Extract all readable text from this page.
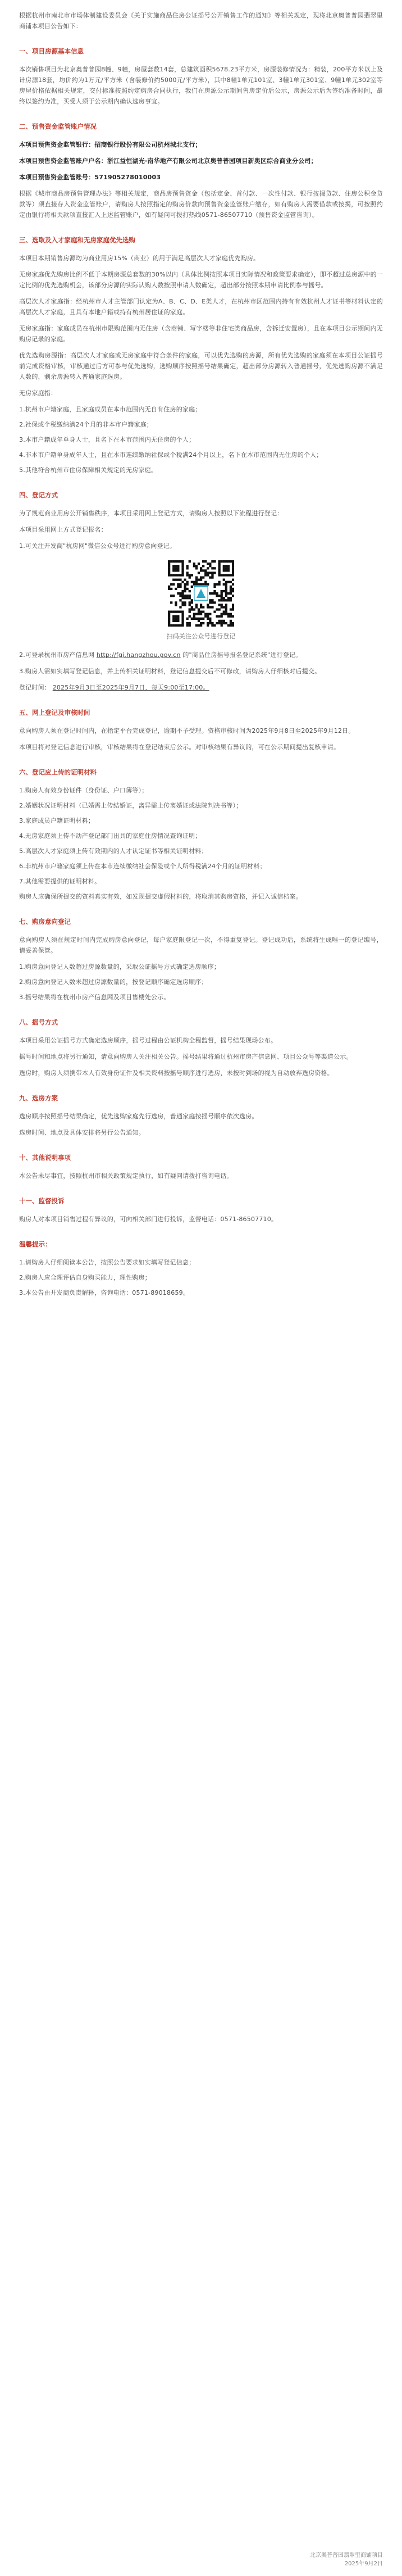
根据杭州市南北市市场体制建设委员会《关于实施商品住房公证摇号公开销售工作的通知》等相关规定，现将北京奥普普园翡翠里商铺本项目公告如下：

一、项目房源基本信息

本次销售项目为北京奥普普园8幢、9幢，房屋套数14套，总建筑面积5678.23平方米，房源装修情况为：精装，200平方米以上及计房源18套，均价约为1万元/平方米（含装修价约5000元/平方米），其中8幢1单元101室、3幢1单元301室、9幢1单元302室等房屋价格依据相关规定，交付标准按照约定购房合同执行，我们在房源公示期间售房定价后公示，房源公示后为签约准备时间，最终以签约为准，买受人须于公示期内确认选房事宜。

二、预售资金监管账户情况

本项目预售资金监管银行：招商银行股份有限公司杭州城北支行；

本项目预售资金监管账户户名：浙江益恒湖光·南华地产有限公司北京奥普普园项目新奥区综合商业分公司；

本项目预售资金监管账号：571905278010003

根据《城市商品房预售管理办法》等相关规定，商品房预售资金（包括定金、首付款、一次性付款、银行按揭贷款、住房公积金贷款等）须直接存入资金监管账户，请购房人按照指定的购房价款向预售资金监管账户缴存，如有购房人需要借款或按揭，可按照约定由银行将相关款项直接汇入上述监管账户，如有疑问可拨打热线0571-86507710（预售资金监管咨询）。

三、选取及入才家庭和无房家庭优先选购

本项目本期销售房源均为商业用房15%（商业）的用于满足高层次人才家庭优先购房。

无房家庭优先购房比例不低于本期房源总套数的30%以内（具体比例按照本项目实际情况和政策要求确定），即不超过总房源中的一定比例的优先选购机会，该部分房源的实际认购人数按照申请人数确定，超出部分按照本期申请比例参与摇号。

高层次人才家庭指：经杭州市人才主管部门认定为A、B、C、D、E类人才，在杭州市区范围内持有有效杭州人才证书等材料认定的高层次人才家庭，且具有本地户籍或持有杭州居住证的家庭。

无房家庭指：家庭成员在杭州市限购范围内无住房（含商铺、写字楼等非住宅类商品房，含拆迁安置房），且在本项目公示期间内无购房记录的家庭。

优先选购房源指：高层次人才家庭或无房家庭中符合条件的家庭，可以优先选购的房源，所有优先选购的家庭须在本项目公证摇号前完成资格审核，审核通过后方可参与优先选购，选购顺序按照摇号结果确定，超出部分房源转入普通摇号，优先选购房源不满足人数的，剩余房源转入普通家庭选房。

无房家庭指：

1.杭州市户籍家庭，且家庭成员在本市范围内无自有住房的家庭；

2.社保或个税缴纳满24个月的非本市户籍家庭；

3.本市户籍成年单身人士，且名下在本市范围内无住房的个人；

4.非本市户籍单身成年人士，且在本市连续缴纳社保或个税满24个月以上，名下在本市范围内无住房的个人；

5.其他符合杭州市住房保障相关规定的无房家庭。

四、登记方式

为了规范商业用房公开销售秩序，本项目采用网上登记方式，请购房人按照以下流程进行登记：

本项目采用网上方式登记报名：

1.可关注开发商"杭房网"微信公众号进行购房意向登记。

扫码关注公众号进行登记

2.可登录杭州市房产信息网 http://fgj.hangzhou.gov.cn 的"商品住房摇号报名登记系统"进行登记。

3.购房人需如实填写登记信息，并上传相关证明材料，登记信息提交后不可修改，请购房人仔细核对后提交。

登记时间： 2025年9月3日至2025年9月7日，每天9:00至17:00。

五、网上登记及审核时间

意向购房人须在登记时间内，在指定平台完成登记，逾期不予受理。资格审核时间为2025年9月8日至2025年9月12日。

本项目将对登记信息进行审核，审核结果将在登记结束后公示。对审核结果有异议的，可在公示期间提出复核申请。

六、登记应上传的证明材料

1.购房人有效身份证件（身份证、户口簿等）；

2.婚姻状况证明材料（已婚需上传结婚证，离异需上传离婚证或法院判决书等）；

3.家庭成员户籍证明材料；

4.无房家庭须上传不动产登记部门出具的家庭住房情况查询证明；

5.高层次人才家庭须上传有效期内的人才认定证书等相关证明材料；

6.非杭州市户籍家庭须上传在本市连续缴纳社会保险或个人所得税满24个月的证明材料；

7.其他需要提供的证明材料。

购房人应确保所提交的资料真实有效，如发现提交虚假材料的，将取消其购房资格，并记入诚信档案。

七、购房意向登记

意向购房人须在规定时间内完成购房意向登记，每户家庭限登记一次，不得重复登记。登记成功后，系统将生成唯一的登记编号，请妥善保管。

1.购房意向登记人数超过房源数量的，采取公证摇号方式确定选房顺序；

2.购房意向登记人数未超过房源数量的，按登记顺序确定选房顺序；

3.摇号结果将在杭州市房产信息网及项目售楼处公示。

八、摇号方式

本项目采用公证摇号方式确定选房顺序，摇号过程由公证机构全程监督，摇号结果现场公布。

摇号时间和地点将另行通知，请意向购房人关注相关公告。摇号结果将通过杭州市房产信息网、项目公众号等渠道公示。

选房时，购房人须携带本人有效身份证件及相关资料按摇号顺序进行选房，未按时到场的视为自动放弃选房资格。

九、选房方案

选房顺序按照摇号结果确定，优先选购家庭先行选房，普通家庭按摇号顺序依次选房。

选房时间、地点及具体安排将另行公告通知。

十、其他说明事项

本公告未尽事宜，按照杭州市相关政策规定执行，如有疑问请拨打咨询电话。

十一、监督投诉

购房人对本项目销售过程有异议的，可向相关部门进行投诉，监督电话：0571-86507710。

温馨提示：

1.请购房人仔细阅读本公告，按照公告要求如实填写登记信息；

2.购房人应合理评估自身购买能力，理性购房；

3.本公告由开发商负责解释，咨询电话：0571-89018659。

北京奥普普园翡翠里商铺项目
2025年9月2日
